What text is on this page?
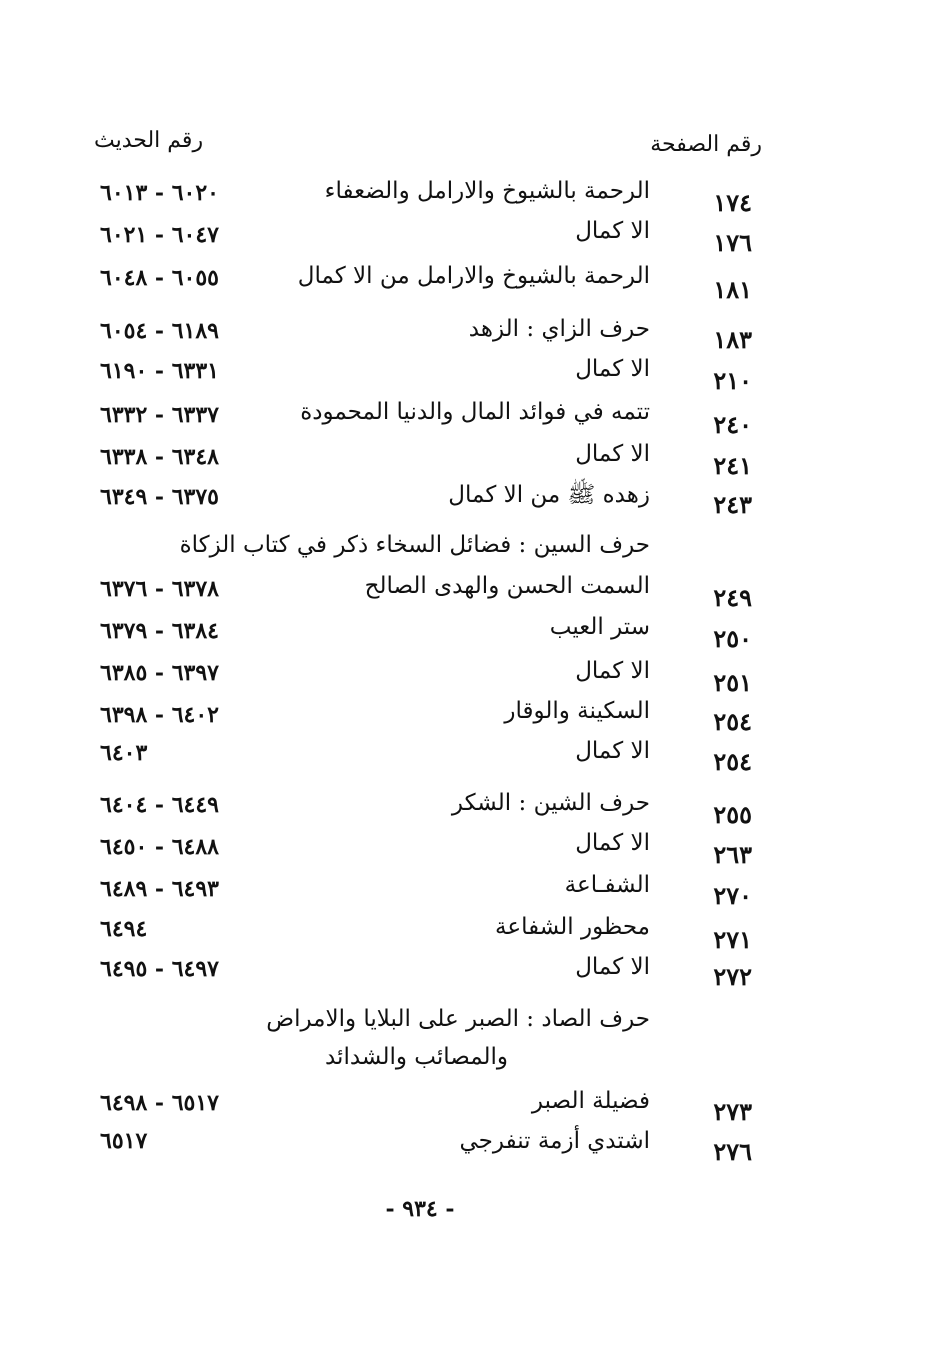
رقم الصفحة
رقم الحديث
١٧٤
الرحمة بالشيوخ والارامل والضعفاء
٦٠٢٠ - ٦٠١٣
١٧٦
الا كمال
٦٠٤٧ - ٦٠٢١
١٨١
الرحمة بالشيوخ والارامل من الا كمال
٦٠٥٥ - ٦٠٤٨
١٨٣
حرف الزاي : الزهد
٦١٨٩ - ٦٠٥٤
٢١٠
الا كمال
٦٣٣١ - ٦١٩٠
٢٤٠
تتمه في فوائد المال والدنيا المحمودة
٦٣٣٧ - ٦٣٣٢
٢٤١
الا كمال
٦٣٤٨ - ٦٣٣٨
٢٤٣
زهده ﷺ من الا كمال
٦٣٧٥ - ٦٣٤٩
حرف السين : فضائل السخاء ذكر في كتاب الزكاة
٢٤٩
السمت الحسن والهدى الصالح
٦٣٧٨ - ٦٣٧٦
٢٥٠
ستر العيب
٦٣٨٤ - ٦٣٧٩
٢٥١
الا كمال
٦٣٩٧ - ٦٣٨٥
٢٥٤
السكينة والوقار
٦٤٠٢ - ٦٣٩٨
٢٥٤
الا كمال
٦٤٠٣
٢٥٥
حرف الشين : الشكر
٦٤٤٩ - ٦٤٠٤
٢٦٣
الا كمال
٦٤٨٨ - ٦٤٥٠
٢٧٠
الشفـاعة
٦٤٩٣ - ٦٤٨٩
٢٧١
محظور الشفاعة
٦٤٩٤
٢٧٢
الا كمال
٦٤٩٧ - ٦٤٩٥
حرف الصاد : الصبر على البلايا والامراض
والمصائب والشدائد
٢٧٣
فضيلة الصبر
٦٥١٧ - ٦٤٩٨
٢٧٦
اشتدي أزمة تنفرجي
٦٥١٧
- ٩٣٤ -
